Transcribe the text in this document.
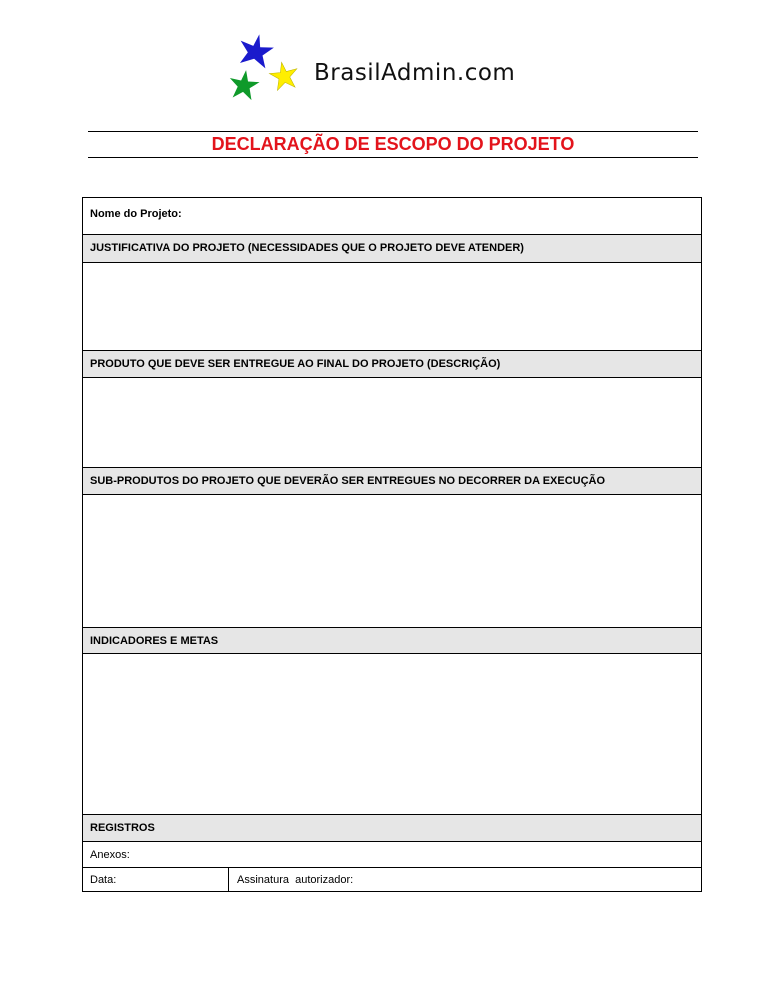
BrasilAdmin.com
DECLARAÇÃO DE ESCOPO DO PROJETO
Nome do Projeto:
JUSTIFICATIVA DO PROJETO (NECESSIDADES QUE O PROJETO DEVE ATENDER)
PRODUTO QUE DEVE SER ENTREGUE AO FINAL DO PROJETO (DESCRIÇÃO)
SUB-PRODUTOS DO PROJETO QUE DEVERÃO SER ENTREGUES NO DECORRER DA EXECUÇÃO
INDICADORES E METAS
REGISTROS
Anexos:
Data:	Assinatura  autorizador:
